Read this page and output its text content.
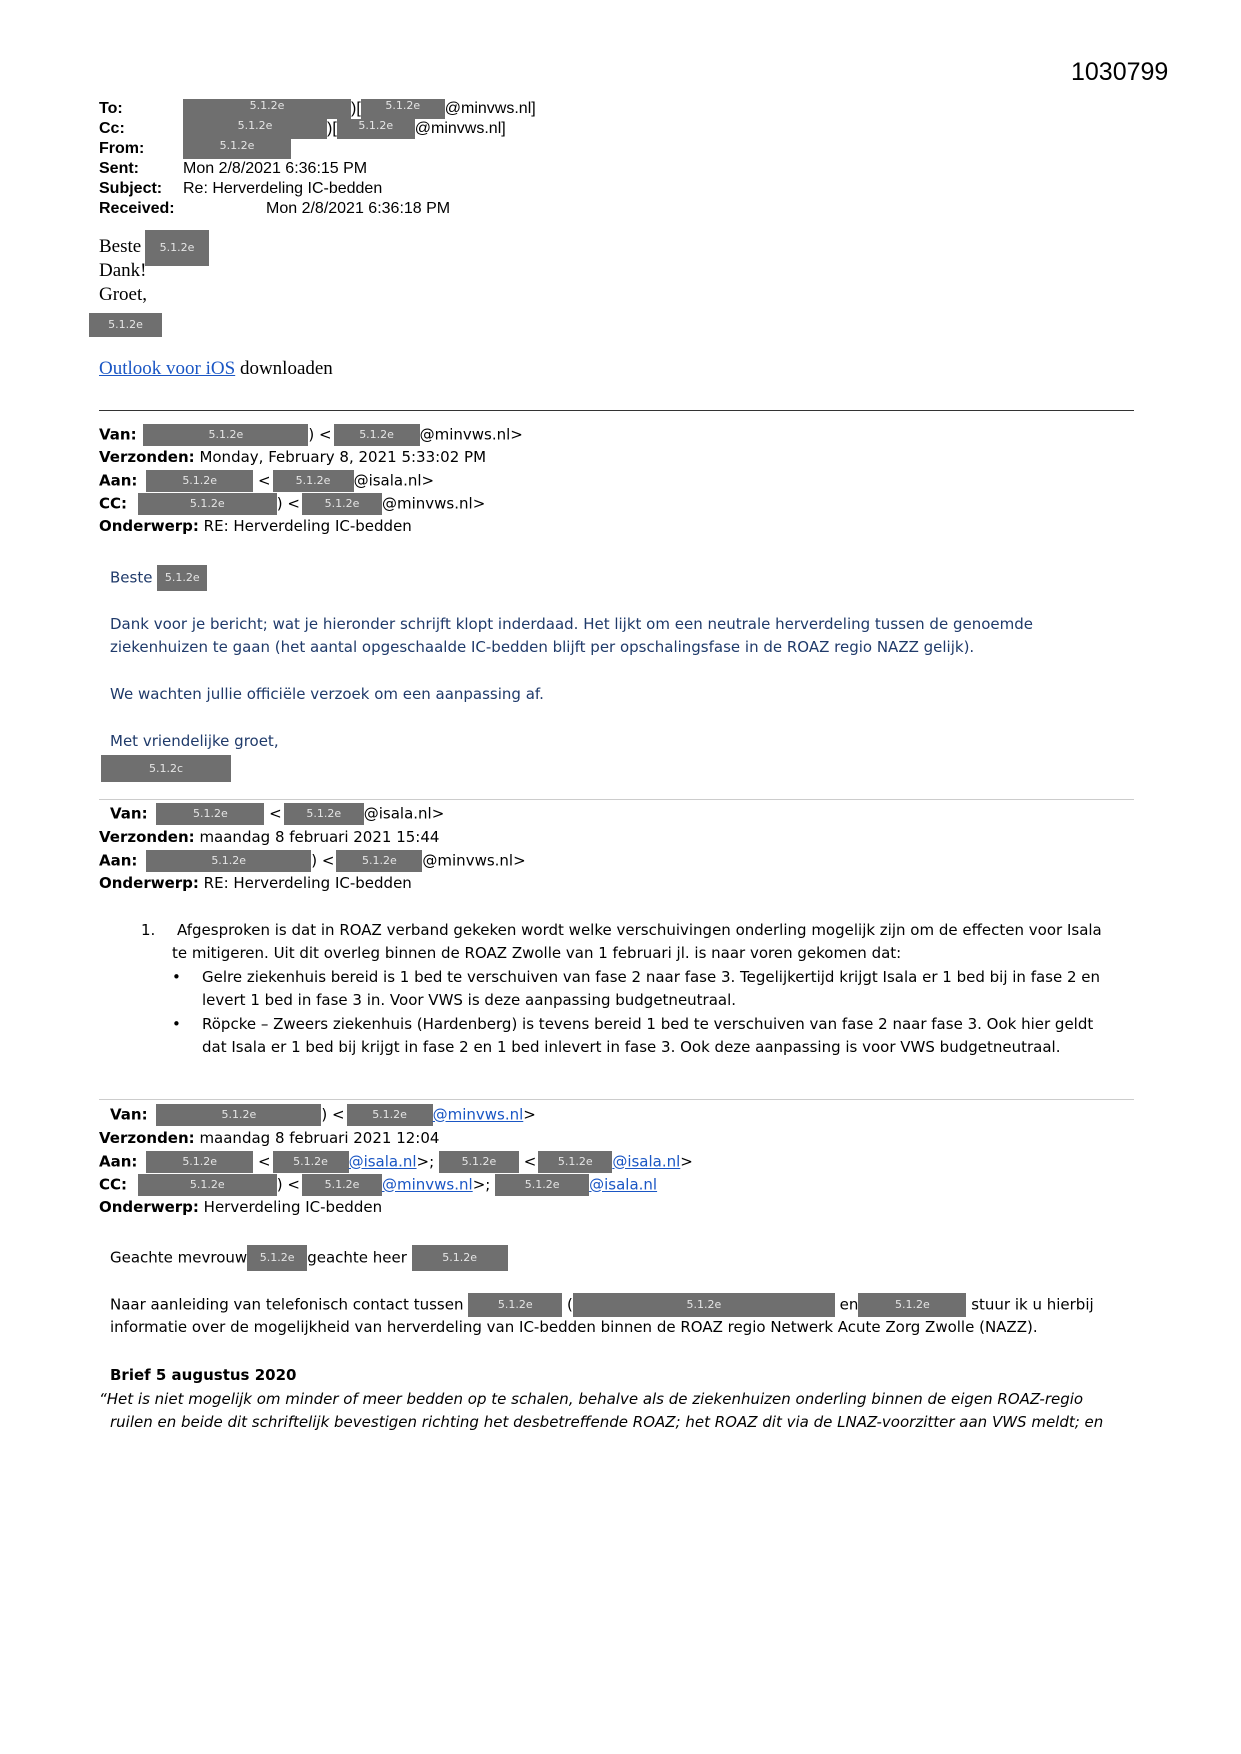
1030799
To:	5.1.2e	)[ 5.1.2e @minvws.nl]
Cc:	5.1.2e	)[ 5.1.2e @minvws.nl]
From:	5.1.2e
Sent:	Mon 2/8/2021 6:36:15 PM
Subject: Re: Herverdeling IC-bedden
Received:	Mon 2/8/2021 6:36:18 PM
Beste	5.1.2e
Dank!
Groet,
5.1.2e
Outlook voor iOS downloaden
Van:	5.1.2e	) <	5.1.2e @minvws.nl>
Verzonden: Monday, February 8, 2021 5:33:02 PM
Aan:	5.1.2e	< 5.1.2e @isala.nl>
CC:	5.1.2e	) < 5.1.2e @minvws.nl>
Onderwerp: RE: Herverdeling IC-bedden
Beste 5.1.2e
Dank voor je bericht; wat je hieronder schrijft klopt inderdaad. Het lijkt om een neutrale herverdeling tussen de genoemde
ziekenhuizen te gaan (het aantal opgeschaalde IC-bedden blijft per opschalingsfase in de ROAZ regio NAZZ gelijk).
We wachten jullie officiële verzoek om een aanpassing af.
Met vriendelijke groet,
5.1.2c
Van:	5.1.2e	< 5.1.2e @isala.nl>
Verzonden: maandag 8 februari 2021 15:44
Aan:	5.1.2e	) <	5.1.2e @minvws.nl>
Onderwerp: RE: Herverdeling IC-bedden
1. Afgesproken is dat in ROAZ verband gekeken wordt welke verschuivingen onderling mogelijk zijn om de effecten voor Isala
te mitigeren. Uit dit overleg binnen de ROAZ Zwolle van 1 februari jl. is naar voren gekomen dat:
• Gelre ziekenhuis bereid is 1 bed te verschuiven van fase 2 naar fase 3. Tegelijkertijd krijgt Isala er 1 bed bij in fase 2 en
levert 1 bed in fase 3 in. Voor VWS is deze aanpassing budgetneutraal.
• Röpcke – Zweers ziekenhuis (Hardenberg) is tevens bereid 1 bed te verschuiven van fase 2 naar fase 3. Ook hier geldt
dat Isala er 1 bed bij krijgt in fase 2 en 1 bed inlevert in fase 3. Ook deze aanpassing is voor VWS budgetneutraal.
Van:	5.1.2e	) <	5.1.2e @minvws.nl>
Verzonden: maandag 8 februari 2021 12:04
Aan:	5.1.2e	< 5.1.2e @isala.nl>; 5.1.2e < 5.1.2e @isala.nl>
CC:	5.1.2e	) < 5.1.2e @minvws.nl>;	5.1.2e @isala.nl
Onderwerp: Herverdeling IC-bedden
Geachte mevrouw 5.1.2e geachte heer	5.1.2e
Naar aanleiding van telefonisch contact tussen	5.1.2e (	5.1.2e	en	5.1.2e	stuur ik u hierbij
informatie over de mogelijkheid van herverdeling van IC-bedden binnen de ROAZ regio Netwerk Acute Zorg Zwolle (NAZZ).
Brief 5 augustus 2020
“Het is niet mogelijk om minder of meer bedden op te schalen, behalve als de ziekenhuizen onderling binnen de eigen ROAZ-regio
ruilen en beide dit schriftelijk bevestigen richting het desbetreffende ROAZ; het ROAZ dit via de LNAZ-voorzitter aan VWS meldt; en
